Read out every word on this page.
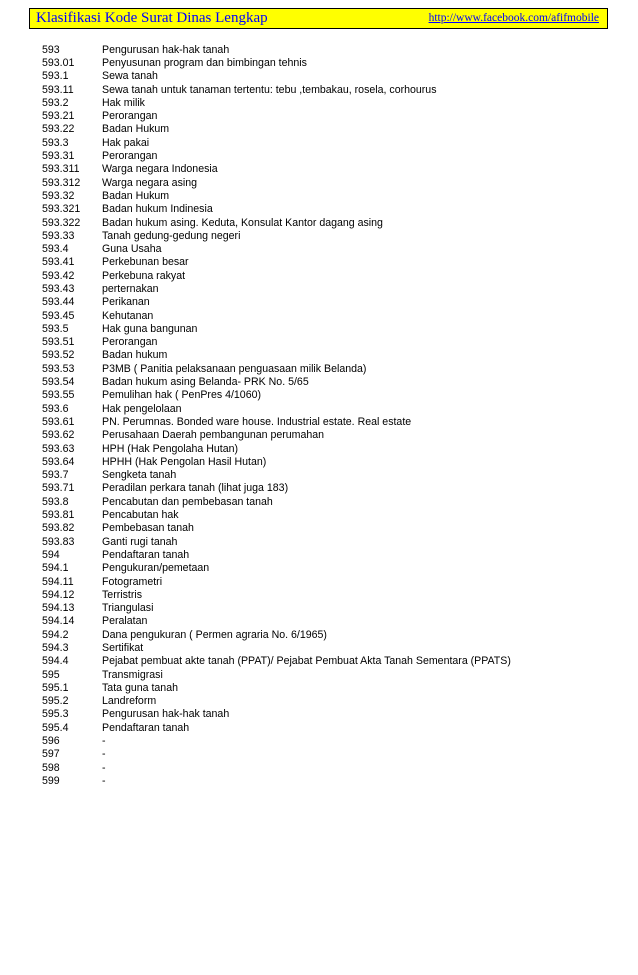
Klasifikasi Kode Surat Dinas Lengkap	http://www.facebook.com/afifmobile
593	Pengurusan hak-hak tanah
593.01	Penyusunan program dan bimbingan tehnis
593.1	Sewa tanah
593.11	Sewa tanah untuk tanaman tertentu: tebu ,tembakau, rosela, corhourus
593.2	Hak milik
593.21	Perorangan
593.22	Badan Hukum
593.3	Hak pakai
593.31	Perorangan
593.311	Warga negara Indonesia
593.312	Warga negara asing
593.32	Badan Hukum
593.321	Badan hukum Indinesia
593.322	Badan hukum asing. Keduta, Konsulat Kantor dagang asing
593.33	Tanah gedung-gedung negeri
593.4	Guna Usaha
593.41	Perkebunan besar
593.42	Perkebuna rakyat
593.43	perternakan
593.44	Perikanan
593.45	Kehutanan
593.5	Hak guna bangunan
593.51	Perorangan
593.52	Badan hukum
593.53	P3MB ( Panitia pelaksanaan penguasaan milik Belanda)
593.54	Badan hukum asing Belanda- PRK No. 5/65
593.55	Pemulihan hak ( PenPres 4/1060)
593.6	Hak pengelolaan
593.61	PN. Perumnas. Bonded ware house. Industrial estate. Real estate
593.62	Perusahaan Daerah pembangunan perumahan
593.63	HPH (Hak Pengolaha Hutan)
593.64	HPHH (Hak Pengolan Hasil Hutan)
593.7	Sengketa tanah
593.71	Peradilan perkara tanah (lihat juga 183)
593.8	Pencabutan dan pembebasan tanah
593.81	Pencabutan hak
593.82	Pembebasan tanah
593.83	Ganti rugi tanah
594	Pendaftaran tanah
594.1	Pengukuran/pemetaan
594.11	Fotogrametri
594.12	Terristris
594.13	Triangulasi
594.14	Peralatan
594.2	Dana pengukuran ( Permen agraria No. 6/1965)
594.3	Sertifikat
594.4	Pejabat pembuat akte tanah (PPAT)/ Pejabat Pembuat Akta Tanah Sementara (PPATS)
595	Transmigrasi
595.1	Tata guna tanah
595.2	Landreform
595.3	Pengurusan hak-hak tanah
595.4	Pendaftaran tanah
596	-
597	-
598	-
599	-
